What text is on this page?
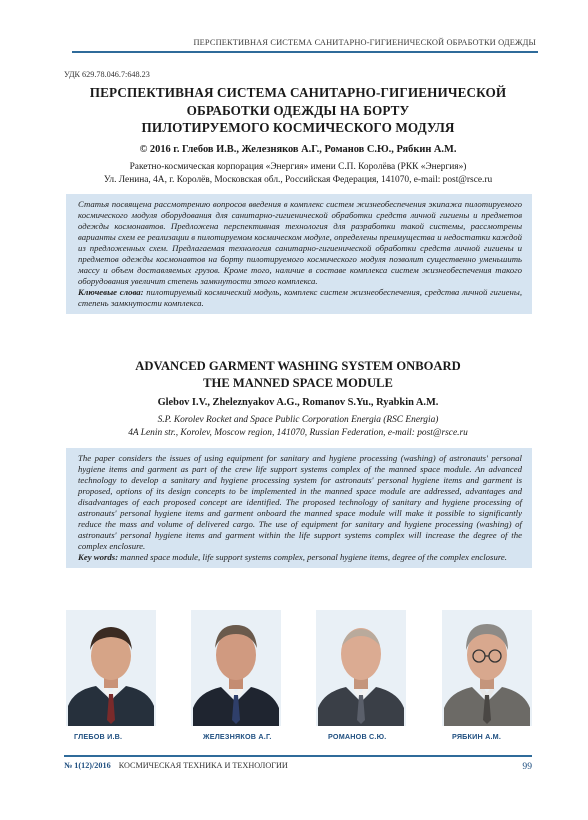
ПЕРСПЕКТИВНАЯ СИСТЕМА САНИТАРНО-ГИГИЕНИЧЕСКОЙ ОБРАБОТКИ ОДЕЖДЫ
УДК 629.78.046.7:648.23
ПЕРСПЕКТИВНАЯ СИСТЕМА САНИТАРНО-ГИГИЕНИЧЕСКОЙ
ОБРАБОТКИ ОДЕЖДЫ НА БОРТУ
ПИЛОТИРУЕМОГО КОСМИЧЕСКОГО МОДУЛЯ
© 2016 г. Глебов И.В., Железняков А.Г., Романов С.Ю., Рябкин А.М.
Ракетно-космическая корпорация «Энергия» имени С.П. Королёва (РКК «Энергия»)
Ул. Ленина, 4А, г. Королёв, Московская обл., Российская Федерация, 141070, e-mail: post@rsce.ru
Статья посвящена рассмотрению вопросов введения в комплекс систем жизнеобеспечения экипажа пилотируемого космического модуля оборудования для санитарно-гигиенической обработки средств личной гигиены и предметов одежды космонавтов. Предложена перспективная технология для разработки такой системы, рассмотрены варианты схем ее реализации в пилотируемом космическом модуле, определены преимущества и недостатки каждой из предложенных схем. Предлагаемая технология санитарно-гигиенической обработки средств личной гигиены и предметов одежды космонавтов на борту пилотируемого космического модуля позволит существенно уменьшить массу и объем доставляемых грузов. Кроме того, наличие в составе комплекса систем жизнеобеспечения такого оборудования увеличит степень замкнутости этого комплекса.
Ключевые слова: пилотируемый космический модуль, комплекс систем жизнеобеспечения, средства личной гигиены, степень замкнутости комплекса.
ADVANCED GARMENT WASHING SYSTEM ONBOARD
THE MANNED SPACE MODULE
Glebov I.V., Zheleznyakov A.G., Romanov S.Yu., Ryabkin A.M.
S.P. Korolev Rocket and Space Public Corporation Energia (RSC Energia)
4A Lenin str., Korolev, Moscow region, 141070, Russian Federation, e-mail: post@rsce.ru
The paper considers the issues of using equipment for sanitary and hygiene processing (washing) of astronauts' personal hygiene items and garment as part of the crew life support systems complex of the manned space module. An advanced technology to develop a sanitary and hygiene processing system for astronauts' personal hygiene items and garment is proposed, options of its design concepts to be implemented in the manned space module are addressed, advantages and disadvantages of each proposed concept are identified. The proposed technology of sanitary and hygiene processing of astronauts' personal hygiene items and garment onboard the manned space module will make it possible to significantly reduce the mass and volume of delivered cargo. The use of equipment for sanitary and hygiene processing (washing) of astronauts' personal hygiene items and garment within the life support systems complex will increase the degree of the complex enclosure.
Key words: manned space module, life support systems complex, personal hygiene items, degree of the complex enclosure.
ГЛЕБОВ И.В.	ЖЕЛЕЗНЯКОВ А.Г.	РОМАНОВ С.Ю.	РЯБКИН А.М.
№ 1(12)/2016 КОСМИЧЕСКАЯ ТЕХНИКА И ТЕХНОЛОГИИ	99
